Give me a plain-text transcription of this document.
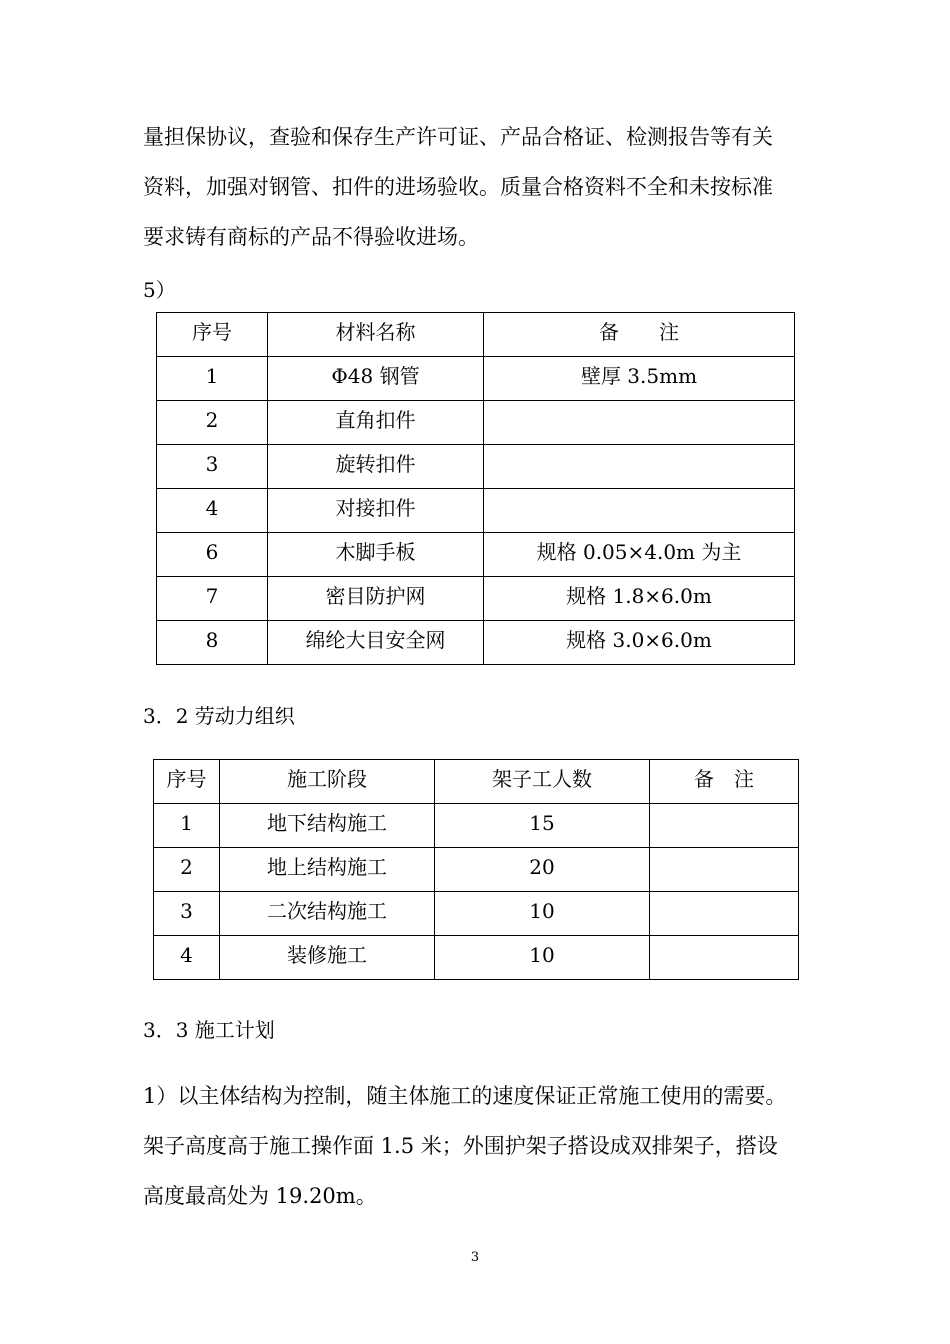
量担保协议，查验和保存生产许可证、产品合格证、检测报告等有关
资料，加强对钢管、扣件的进场验收。质量合格资料不全和未按标准
要求铸有商标的产品不得验收进场。
5）
序号	材料名称	备　　注
1	Φ48 钢管	壁厚 3.5mm
2	直角扣件	
3	旋转扣件	
4	对接扣件	
6	木脚手板	规格 0.05×4.0m 为主
7	密目防护网	规格 1.8×6.0m
8	绵纶大目安全网	规格 3.0×6.0m
3．2 劳动力组织
序号	施工阶段	架子工人数	备　注
1	地下结构施工	15	
2	地上结构施工	20	
3	二次结构施工	10	
4	装修施工	10	
3．3 施工计划
1）以主体结构为控制，随主体施工的速度保证正常施工使用的需要。
架子高度高于施工操作面 1.5 米；外围护架子搭设成双排架子，搭设
高度最高处为 19.20m。
3
